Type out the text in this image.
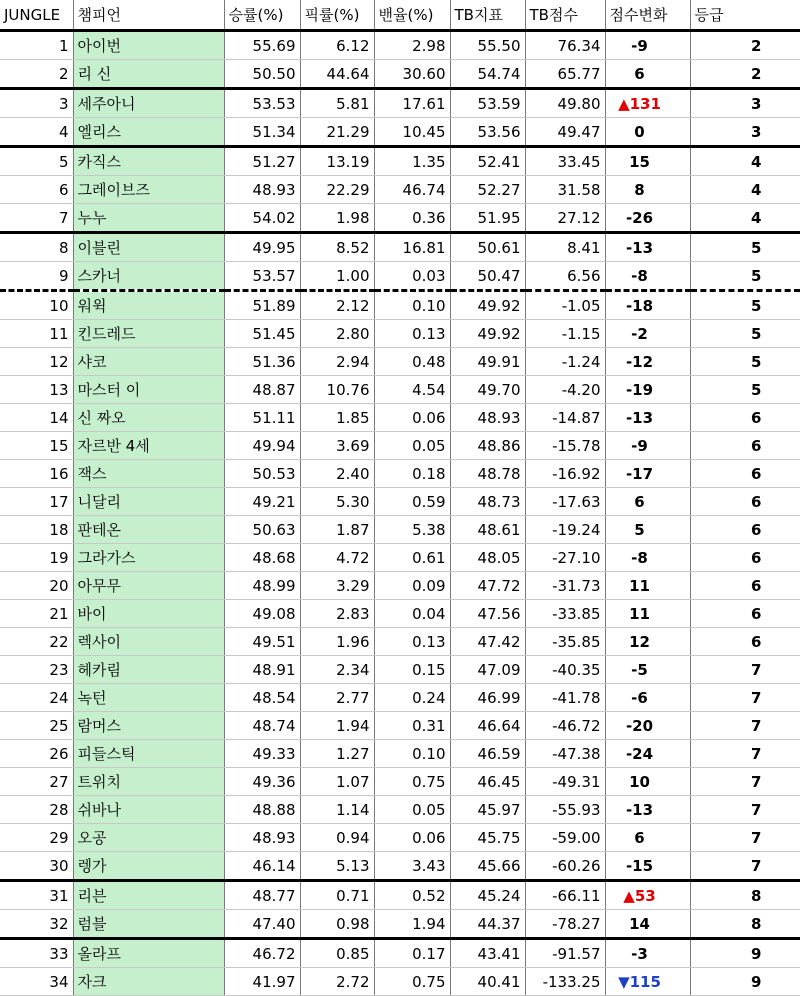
JUNGLE	챔피언	승률(%)	픽률(%)	밴율(%)	TB지표	TB점수	점수변화	등급
1	아이번	55.69	6.12	2.98	55.50	76.34	-9	2
2	리 신	50.50	44.64	30.60	54.74	65.77	6	2
3	세주아니	53.53	5.81	17.61	53.59	49.80	▲131	3
4	엘리스	51.34	21.29	10.45	53.56	49.47	0	3
5	카직스	51.27	13.19	1.35	52.41	33.45	15	4
6	그레이브즈	48.93	22.29	46.74	52.27	31.58	8	4
7	누누	54.02	1.98	0.36	51.95	27.12	-26	4
8	이블린	49.95	8.52	16.81	50.61	8.41	-13	5
9	스카너	53.57	1.00	0.03	50.47	6.56	-8	5
10	워윅	51.89	2.12	0.10	49.92	-1.05	-18	5
11	킨드레드	51.45	2.80	0.13	49.92	-1.15	-2	5
12	샤코	51.36	2.94	0.48	49.91	-1.24	-12	5
13	마스터 이	48.87	10.76	4.54	49.70	-4.20	-19	5
14	신 짜오	51.11	1.85	0.06	48.93	-14.87	-13	6
15	자르반 4세	49.94	3.69	0.05	48.86	-15.78	-9	6
16	잭스	50.53	2.40	0.18	48.78	-16.92	-17	6
17	니달리	49.21	5.30	0.59	48.73	-17.63	6	6
18	판테온	50.63	1.87	5.38	48.61	-19.24	5	6
19	그라가스	48.68	4.72	0.61	48.05	-27.10	-8	6
20	아무무	48.99	3.29	0.09	47.72	-31.73	11	6
21	바이	49.08	2.83	0.04	47.56	-33.85	11	6
22	렉사이	49.51	1.96	0.13	47.42	-35.85	12	6
23	헤카림	48.91	2.34	0.15	47.09	-40.35	-5	7
24	녹턴	48.54	2.77	0.24	46.99	-41.78	-6	7
25	람머스	48.74	1.94	0.31	46.64	-46.72	-20	7
26	피들스틱	49.33	1.27	0.10	46.59	-47.38	-24	7
27	트위치	49.36	1.07	0.75	46.45	-49.31	10	7
28	쉬바나	48.88	1.14	0.05	45.97	-55.93	-13	7
29	오공	48.93	0.94	0.06	45.75	-59.00	6	7
30	렝가	46.14	5.13	3.43	45.66	-60.26	-15	7
31	리븐	48.77	0.71	0.52	45.24	-66.11	▲53	8
32	럼블	47.40	0.98	1.94	44.37	-78.27	14	8
33	올라프	46.72	0.85	0.17	43.41	-91.57	-3	9
34	자크	41.97	2.72	0.75	40.41	-133.25	▼115	9
